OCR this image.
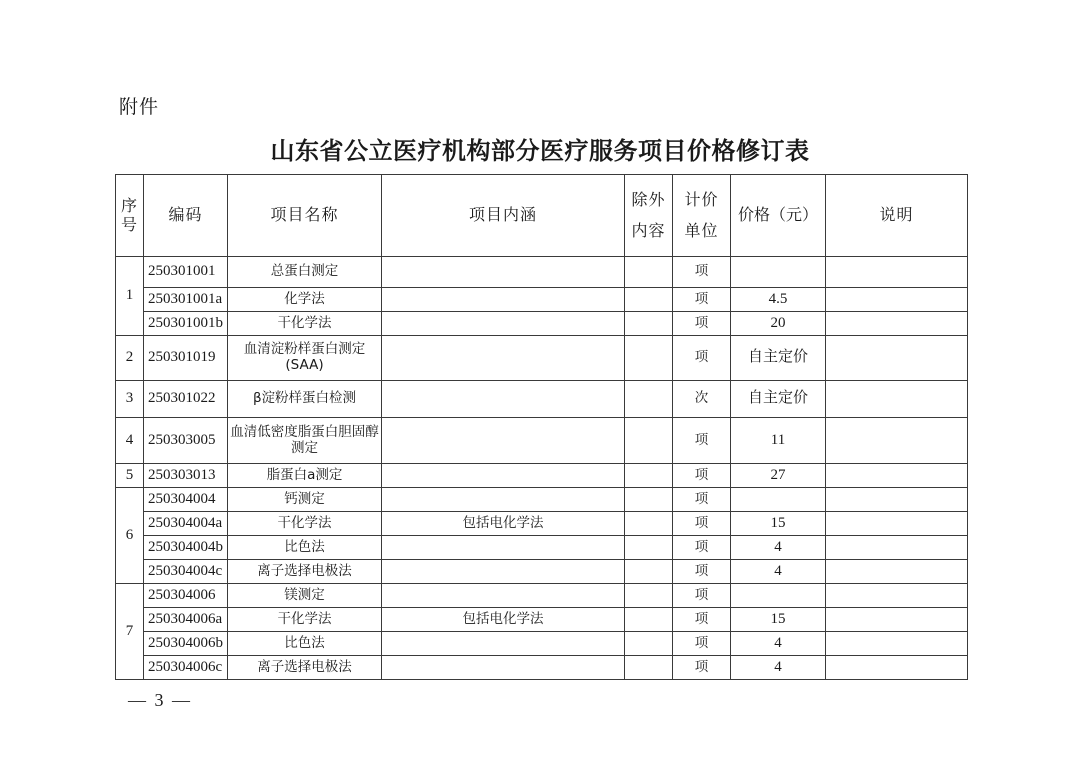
附件
山东省公立医疗机构部分医疗服务项目价格修订表
序号	编码	项目名称	项目内涵	除外内容	计价单位	价格（元）	说明
1	250301001	总蛋白测定			项		
	250301001a	化学法			项	4.5	
	250301001b	干化学法			项	20	
2	250301019	血清淀粉样蛋白测定(SAA)			项	自主定价	
3	250301022	β淀粉样蛋白检测			次	自主定价	
4	250303005	血清低密度脂蛋白胆固醇测定			项	11	
5	250303013	脂蛋白a测定			项	27	
6	250304004	钙测定			项		
	250304004a	干化学法	包括电化学法		项	15	
	250304004b	比色法			项	4	
	250304004c	离子选择电极法			项	4	
7	250304006	镁测定			项		
	250304006a	干化学法	包括电化学法		项	15	
	250304006b	比色法			项	4	
	250304006c	离子选择电极法			项	4	
— 3 —
